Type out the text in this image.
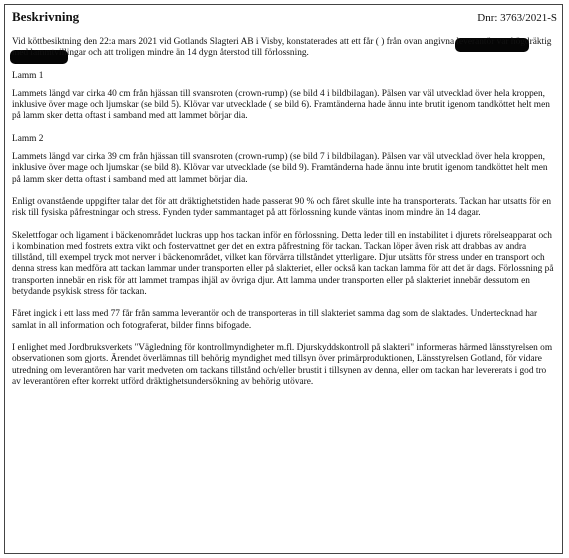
Beskrivning	Dnr: 3763/2021-S

Vid köttbesiktning den 22:a mars 2021 vid Gotlands Slagteri AB i Visby, konstaterades att ett får ( ) från ovan angivna leverantör var högdräktig med lammtvillingar och att troligen mindre än 14 dygn återstod till förlossning.

Lamm 1

Lammets längd var cirka 40 cm från hjässan till svansroten (crown-rump) (se bild 4 i bildbilagan). Pälsen var väl utvecklad över hela kroppen, inklusive över mage och ljumskar (se bild 5). Klövar var utvecklade ( se bild 6). Framtänderna hade ännu inte brutit igenom tandköttet helt men på lamm sker detta oftast i samband med att lammet börjar dia.

Lamm 2

Lammets längd var cirka 39 cm från hjässan till svansroten (crown-rump) (se bild 7 i bildbilagan). Pälsen var väl utvecklad över hela kroppen, inklusive över mage och ljumskar (se bild 8). Klövar var utvecklade (se bild 9). Framtänderna hade ännu inte brutit igenom tandköttet helt men på lamm sker detta oftast i samband med att lammet börjar dia.

Enligt ovanstående uppgifter talar det för att dräktighetstiden hade passerat 90 % och fåret skulle inte ha transporterats. Tackan har utsatts för en risk till fysiska påfrestningar och stress. Fynden tyder sammantaget på att förlossning kunde väntas inom mindre än 14 dagar.

Skelettfogar och ligament i bäckenområdet luckras upp hos tackan inför en förlossning. Detta leder till en instabilitet i djurets rörelseapparat och i kombination med fostrets extra vikt och fostervattnet ger det en extra påfrestning för tackan. Tackan löper även risk att drabbas av andra tillstånd, till exempel tryck mot nerver i bäckenområdet, vilket kan förvärra tillståndet ytterligare. Djur utsätts för stress under en transport och denna stress kan medföra att tackan lammar under transporten eller på slakteriet, eller också kan tackan lamma för att det är dags. Förlossning på transporten innebär en risk för att lammet trampas ihjäl av övriga djur. Att lamma under transporten eller på slakteriet innebär dessutom en betydande psykisk stress för tackan.

Fåret ingick i ett lass med 77 får från samma leverantör och de transporteras in till slakteriet samma dag som de slaktades. Undertecknad har samlat in all information och fotograferat, bilder finns bifogade.

I enlighet med Jordbruksverkets "Vägledning för kontrollmyndigheter m.fl. Djurskyddskontroll på slakteri" informeras härmed länsstyrelsen om observationen som gjorts. Ärendet överlämnas till behörig myndighet med tillsyn över primärproduktionen, Länsstyrelsen Gotland, för vidare utredning om leverantören har varit medveten om tackans tillstånd och/eller brustit i tillsynen av denna, eller om tackan har levererats i god tro av leverantören efter korrekt utförd dräktighetsundersökning av behörig utövare.
